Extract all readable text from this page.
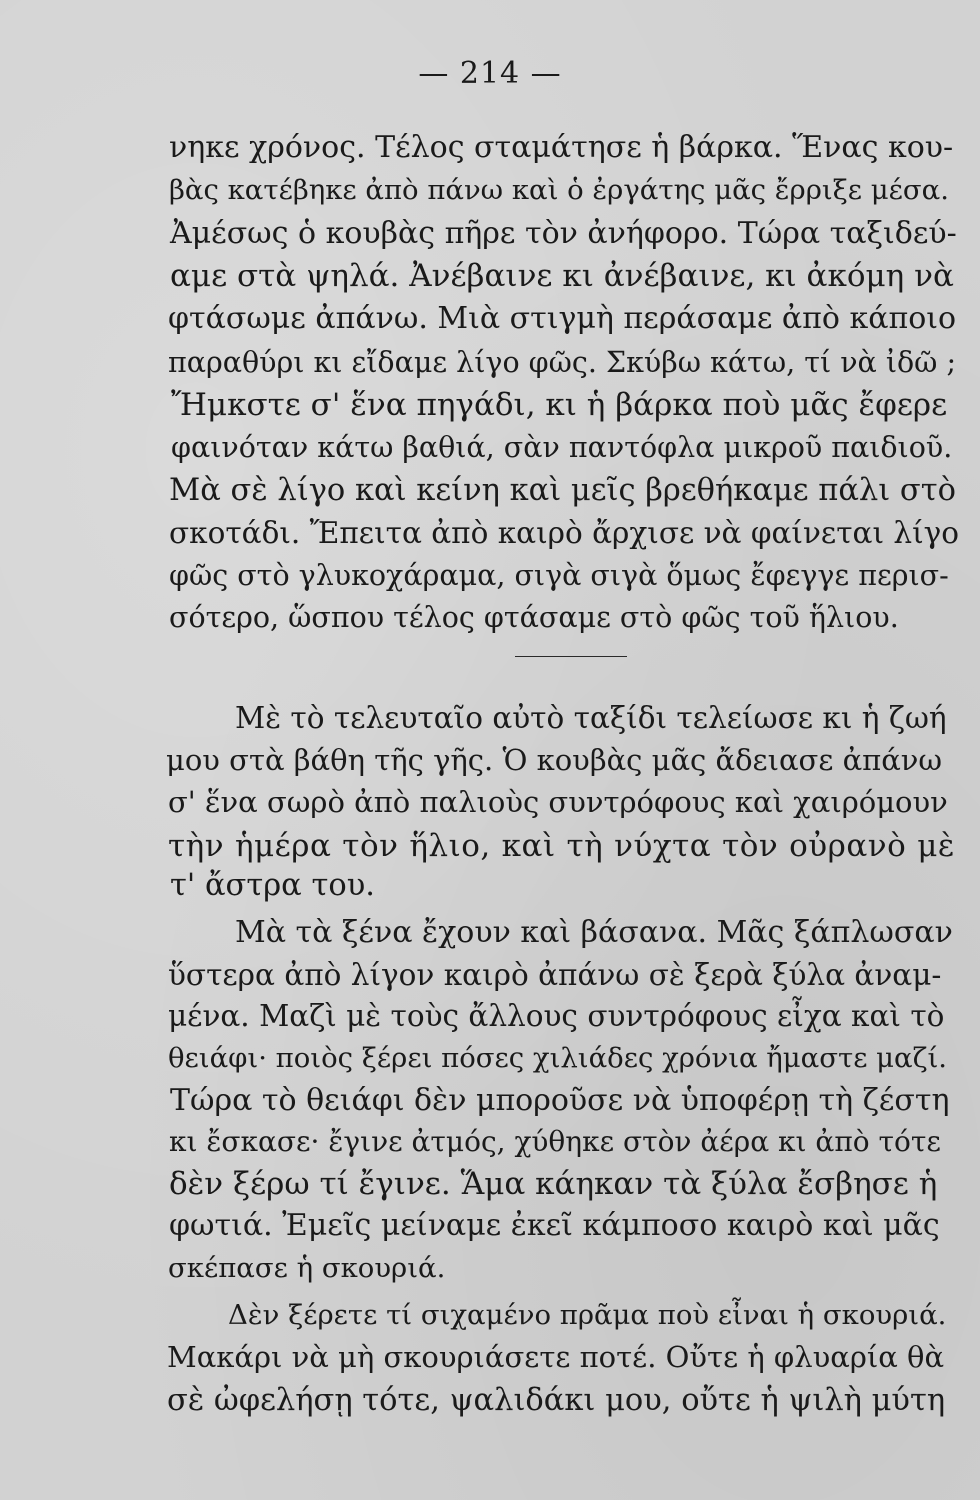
— 214 —
νηκε χρόνος. Τέλος σταμάτησε ἡ βάρκα. Ἕνας κου-
βὰς κατέβηκε ἀπὸ πάνω καὶ ὁ ἐργάτης μᾶς ἔρριξε μέσα.
Ἀμέσως ὁ κουβὰς πῆρε τὸν ἀνήφορο. Τώρα ταξιδεύ-
αμε στὰ ψηλά. Ἀνέβαινε κι ἀνέβαινε, κι ἀκόμη νὰ
φτάσωμε ἀπάνω. Μιὰ στιγμὴ περάσαμε ἀπὸ κάποιο
παραθύρι κι εἴδαμε λίγο φῶς. Σκύβω κάτω, τί νὰ ἰδῶ ;
Ἤμκστε σ' ἕνα πηγάδι, κι ἡ βάρκα ποὺ μᾶς ἔφερε
φαινόταν κάτω βαθιά, σὰν παντόφλα μικροῦ παιδιοῦ.
Μὰ σὲ λίγο καὶ κείνη καὶ μεῖς βρεθήκαμε πάλι στὸ
σκοτάδι. Ἔπειτα ἀπὸ καιρὸ ἄρχισε νὰ φαίνεται λίγο
φῶς στὸ γλυκοχάραμα, σιγὰ σιγὰ ὅμως ἔφεγγε περισ-
σότερο, ὥσπου τέλος φτάσαμε στὸ φῶς τοῦ ἥλιου.
Μὲ τὸ τελευταῖο αὐτὸ ταξίδι τελείωσε κι ἡ ζωή
μου στὰ βάθη τῆς γῆς. Ὁ κουβὰς μᾶς ἄδειασε ἀπάνω
σ' ἕνα σωρὸ ἀπὸ παλιοὺς συντρόφους καὶ χαιρόμουν
τὴν ἡμέρα τὸν ἥλιο, καὶ τὴ νύχτα τὸν οὐρανὸ μὲ
τ' ἄστρα του.
Μὰ τὰ ξένα ἔχουν καὶ βάσανα. Μᾶς ξάπλωσαν
ὕστερα ἀπὸ λίγον καιρὸ ἀπάνω σὲ ξερὰ ξύλα ἀναμ-
μένα. Μαζὶ μὲ τοὺς ἄλλους συντρόφους εἶχα καὶ τὸ
θειάφι· ποιὸς ξέρει πόσες χιλιάδες χρόνια ἤμαστε μαζί.
Τώρα τὸ θειάφι δὲν μποροῦσε νὰ ὑποφέρῃ τὴ ζέστη
κι ἔσκασε· ἔγινε ἀτμός, χύθηκε στὸν ἀέρα κι ἀπὸ τότε
δὲν ξέρω τί ἔγινε. Ἅμα κάηκαν τὰ ξύλα ἔσβησε ἡ
φωτιά. Ἐμεῖς μείναμε ἐκεῖ κάμποσο καιρὸ καὶ μᾶς
σκέπασε ἡ σκουριά.
Δὲν ξέρετε τί σιχαμένο πρᾶμα ποὺ εἶναι ἡ σκουριά.
Μακάρι νὰ μὴ σκουριάσετε ποτέ. Οὔτε ἡ φλυαρία θὰ
σὲ ὠφελήσῃ τότε, ψαλιδάκι μου, οὔτε ἡ ψιλὴ μύτη
